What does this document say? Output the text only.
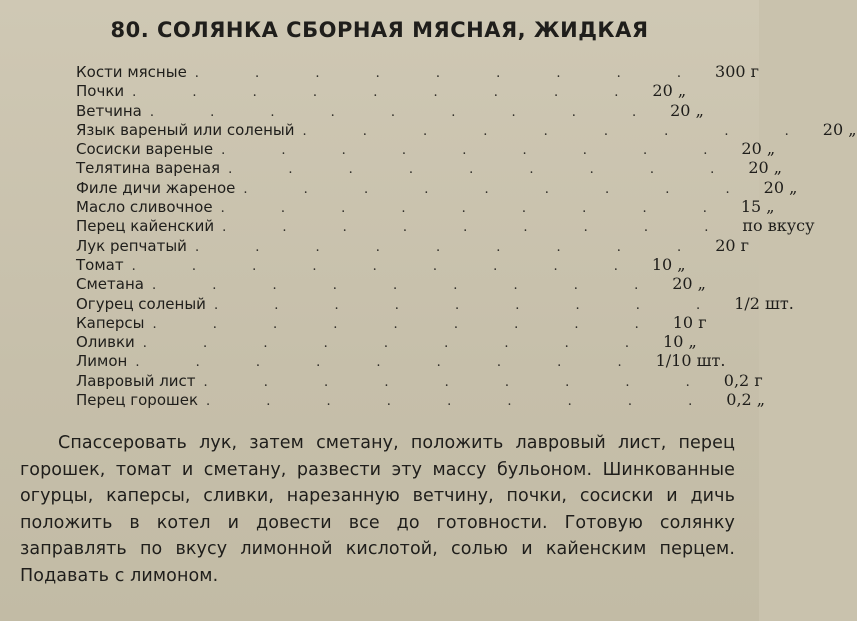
80. СОЛЯНКА СБОРНАЯ МЯСНАЯ, ЖИДКАЯ
Кости мясные . . . . . . . . . 300 г
Почки . . . . . . . . . 20 „
Ветчина . . . . . . . . . 20 „
Язык вареный или соленый . . . . . . . . . 20 „
Сосиски вареные . . . . . . . . . 20 „
Телятина вареная . . . . . . . . . 20 „
Филе дичи жареное . . . . . . . . . 20 „
Масло сливочное . . . . . . . . . 15 „
Перец кайенский . . . . . . . . . по вкусу
Лук репчатый . . . . . . . . . 20 г
Томат . . . . . . . . . 10 „
Сметана . . . . . . . . . 20 „
Огурец соленый . . . . . . . . . 1/2 шт.
Каперсы . . . . . . . . . 10 г
Оливки . . . . . . . . . 10 „
Лимон . . . . . . . . . 1/10 шт.
Лавровый лист . . . . . . . . . 0,2 г
Перец горошек . . . . . . . . . 0,2 „
Спассеровать лук, затем сметану, положить лавровый лист, перец горошек, томат и сметану, развести эту массу бульоном. Шинкованные огурцы, каперсы, сливки, нарезанную ветчину, почки, сосиски и дичь положить в котел и довести все до готовности. Готовую солянку заправлять по вкусу лимонной кислотой, солью и кайенским перцем. Подавать с лимоном.
